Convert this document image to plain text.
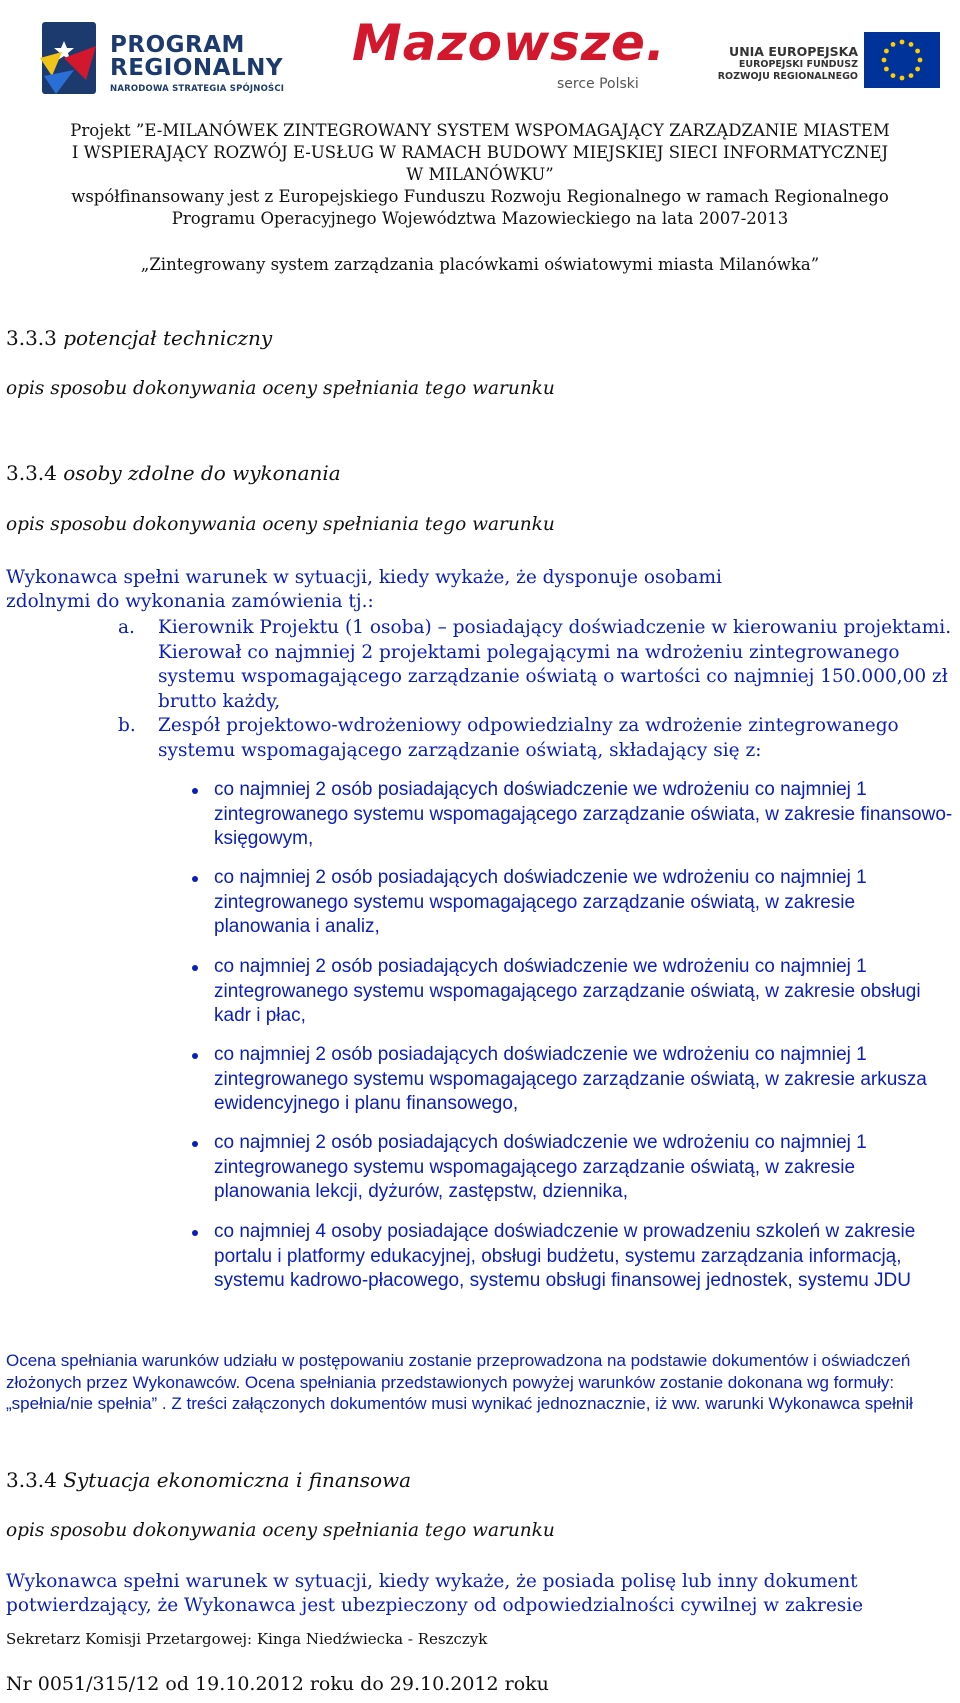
PROGRAM
REGIONALNY
NARODOWA STRATEGIA SPÓJNOŚCI
Mazowsze.
serce Polski
UNIA EUROPEJSKA
EUROPEJSKI FUNDUSZ
ROZWOJU REGIONALNEGO
Projekt ”E-MILANÓWEK ZINTEGROWANY SYSTEM WSPOMAGAJĄCY ZARZĄDZANIE MIASTEM
I WSPIERAJĄCY ROZWÓJ E-USŁUG W RAMACH BUDOWY MIEJSKIEJ SIECI INFORMATYCZNEJ
W MILANÓWKU”
współfinansowany jest z Europejskiego Funduszu Rozwoju Regionalnego w ramach Regionalnego
Programu Operacyjnego Województwa Mazowieckiego na lata 2007-2013
„Zintegrowany system zarządzania placówkami oświatowymi miasta Milanówka”
3.3.3 potencjał techniczny
opis sposobu dokonywania oceny spełniania tego warunku
3.3.4 osoby zdolne do wykonania
opis sposobu dokonywania oceny spełniania tego warunku
Wykonawca spełni warunek w sytuacji, kiedy wykaże, że dysponuje osobami zdolnymi do wykonania zamówienia tj.:
a.	Kierownik Projektu (1 osoba) – posiadający doświadczenie w kierowaniu projektami. Kierował co najmniej 2 projektami polegającymi na wdrożeniu zintegrowanego systemu wspomagającego zarządzanie oświatą o wartości co najmniej 150.000,00 zł brutto każdy,
b.	Zespół projektowo-wdrożeniowy odpowiedzialny za wdrożenie zintegrowanego systemu wspomagającego zarządzanie oświatą, składający się z:
co najmniej 2 osób posiadających doświadczenie we wdrożeniu co najmniej 1 zintegrowanego systemu wspomagającego zarządzanie oświata, w zakresie finansowo-księgowym,
co najmniej 2 osób posiadających doświadczenie we wdrożeniu co najmniej 1 zintegrowanego systemu wspomagającego zarządzanie oświatą, w zakresie planowania i analiz,
co najmniej 2 osób posiadających doświadczenie we wdrożeniu co najmniej 1 zintegrowanego systemu wspomagającego zarządzanie oświatą, w zakresie obsługi kadr i płac,
co najmniej 2 osób posiadających doświadczenie we wdrożeniu co najmniej 1 zintegrowanego systemu wspomagającego zarządzanie oświatą, w zakresie arkusza ewidencyjnego i planu finansowego,
co najmniej 2 osób posiadających doświadczenie we wdrożeniu co najmniej 1 zintegrowanego systemu wspomagającego zarządzanie oświatą, w zakresie planowania lekcji, dyżurów, zastępstw, dziennika,
co najmniej 4 osoby posiadające doświadczenie w prowadzeniu szkoleń w zakresie portalu i platformy edukacyjnej, obsługi budżetu, systemu zarządzania informacją, systemu kadrowo-płacowego, systemu obsługi finansowej jednostek, systemu JDU
Ocena spełniania warunków udziału w postępowaniu zostanie przeprowadzona na podstawie dokumentów i oświadczeń złożonych przez Wykonawców. Ocena spełniania przedstawionych powyżej warunków zostanie dokonana wg formuły: „spełnia/nie spełnia” . Z treści załączonych dokumentów musi wynikać jednoznacznie, iż ww. warunki Wykonawca spełnił
3.3.4 Sytuacja ekonomiczna i finansowa
opis sposobu dokonywania oceny spełniania tego warunku
Wykonawca spełni warunek w sytuacji, kiedy wykaże, że posiada polisę lub inny dokument potwierdzający, że Wykonawca jest ubezpieczony od odpowiedzialności cywilnej w zakresie
Sekretarz Komisji Przetargowej: Kinga Niedźwiecka - Reszczyk
Nr 0051/315/12 od 19.10.2012 roku do 29.10.2012 roku
